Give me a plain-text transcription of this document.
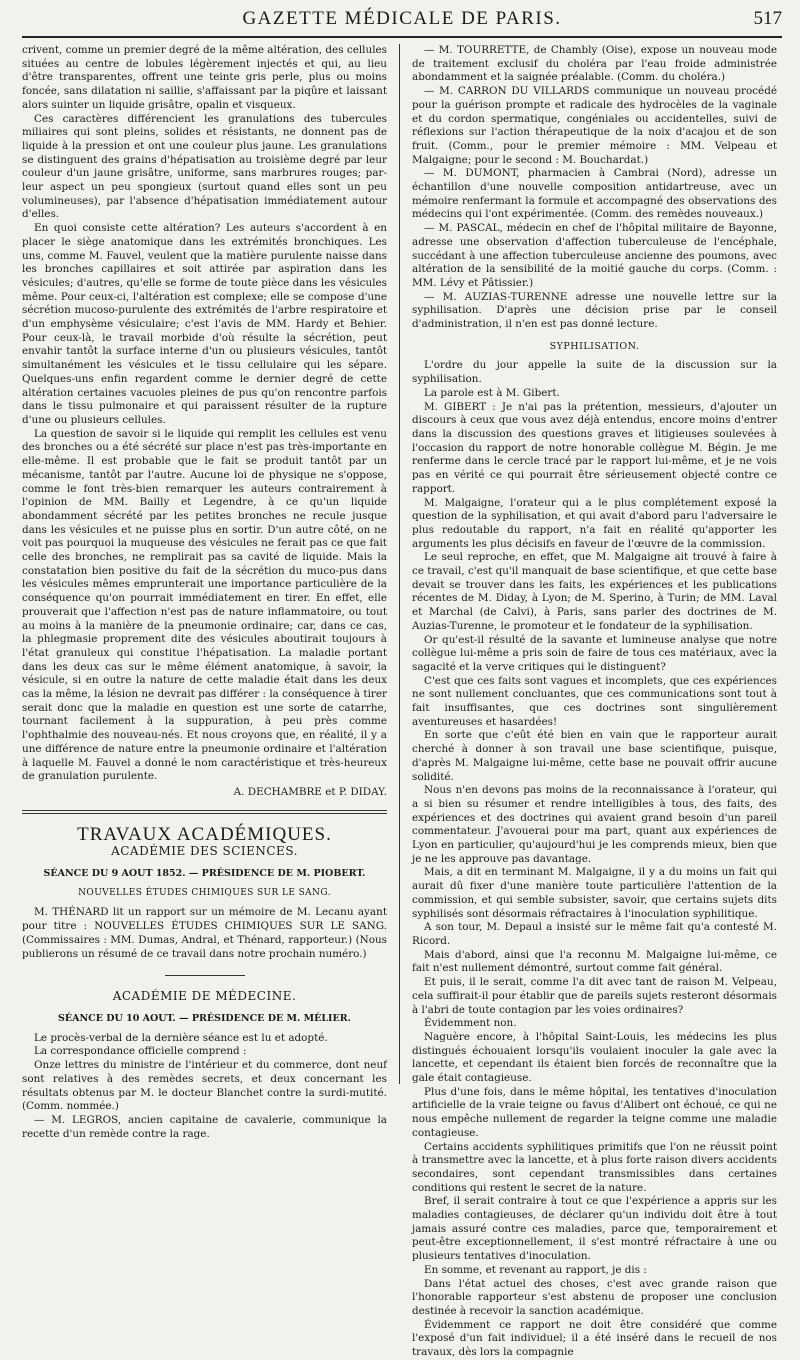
GAZETTE MÉDICALE DE PARIS.	517

crivent, comme un premier degré de la même altération, des cellules situées au centre de lobules légèrement injectés et qui, au lieu d'être transparentes, offrent une teinte gris perle, plus ou moins foncée, sans dilatation ni saillie, s'affaissant par la piqûre et laissant alors suinter un liquide grisâtre, opalin et visqueux.

Ces caractères différencient les granulations des tubercules miliaires qui sont pleins, solides et résistants, ne donnent pas de liquide à la pression et ont une couleur plus jaune. Les granulations se distinguent des grains d'hépatisation au troisième degré par leur couleur d'un jaune grisâtre, uniforme, sans marbrures rouges; par-leur aspect un peu spongieux (surtout quand elles sont un peu volumineuses), par l'absence d'hépatisation immédiatement autour d'elles.

En quoi consiste cette altération? Les auteurs s'accordent à en placer le siège anatomique dans les extrémités bronchiques. Les uns, comme M. Fauvel, veulent que la matière purulente naisse dans les bronches capillaires et soit attirée par aspiration dans les vésicules; d'autres, qu'elle se forme de toute pièce dans les vésicules même. Pour ceux-ci, l'altération est complexe; elle se compose d'une sécrétion mucoso-purulente des extrémités de l'arbre respiratoire et d'un emphysème vésiculaire; c'est l'avis de MM. Hardy et Behier. Pour ceux-là, le travail morbide d'où résulte la sécrétion, peut envahir tantôt la surface interne d'un ou plusieurs vésicules, tantôt simultanément les vésicules et le tissu cellulaire qui les sépare. Quelques-uns enfin regardent comme le dernier degré de cette altération certaines vacuoles pleines de pus qu'on rencontre parfois dans le tissu pulmonaire et qui paraissent résulter de la rupture d'une ou plusieurs cellules.

La question de savoir si le liquide qui remplit les cellules est venu des bronches ou a été sécrété sur place n'est pas très-importante en elle-même. Il est probable que le fait se produit tantôt par un mécanisme, tantôt par l'autre. Aucune loi de physique ne s'oppose, comme le font très-bien remarquer les auteurs contrairement à l'opinion de MM. Bailly et Legendre, à ce qu'un liquide abondamment sécrété par les petites bronches ne recule jusque dans les vésicules et ne puisse plus en sortir. D'un autre côté, on ne voit pas pourquoi la muqueuse des vésicules ne ferait pas ce que fait celle des bronches, ne remplirait pas sa cavité de liquide. Mais la constatation bien positive du fait de la sécrétion du muco-pus dans les vésicules mêmes emprunterait une importance particulière de la conséquence qu'on pourrait immédiatement en tirer. En effet, elle prouverait que l'affection n'est pas de nature inflammatoire, ou tout au moins à la manière de la pneumonie ordinaire; car, dans ce cas, la phlegmasie proprement dite des vésicules aboutirait toujours à l'état granuleux qui constitue l'hépatisation. La maladie portant dans les deux cas sur le même élément anatomique, à savoir, la vésicule, si en outre la nature de cette maladie était dans les deux cas la même, la lésion ne devrait pas différer : la conséquence à tirer serait donc que la maladie en question est une sorte de catarrhe, tournant facilement à la suppuration, à peu près comme l'ophthalmie des nouveau-nés. Et nous croyons que, en réalité, il y a une différence de nature entre la pneumonie ordinaire et l'altération à laquelle M. Fauvel a donné le nom caractéristique et très-heureux de granulation purulente.

A. DECHAMBRE et P. DIDAY.

TRAVAUX ACADÉMIQUES.

ACADÉMIE DES SCIENCES.

SÉANCE DU 9 AOUT 1852. — PRÉSIDENCE DE M. PIOBERT.

NOUVELLES ÉTUDES CHIMIQUES SUR LE SANG.

M. THÉNARD lit un rapport sur un mémoire de M. Lecanu ayant pour titre : NOUVELLES ÉTUDES CHIMIQUES SUR LE SANG. (Commissaires : MM. Dumas, Andral, et Thénard, rapporteur.) (Nous publierons un résumé de ce travail dans notre prochain numéro.)

ACADÉMIE DE MÉDECINE.

SÉANCE DU 10 AOUT. — PRÉSIDENCE DE M. MÉLIER.

Le procès-verbal de la dernière séance est lu et adopté.

La correspondance officielle comprend :

Onze lettres du ministre de l'intérieur et du commerce, dont neuf sont relatives à des remèdes secrets, et deux concernant les résultats obtenus par M. le docteur Blanchet contre la surdi-mutité. (Comm. nommée.)

— M. LEGROS, ancien capitaine de cavalerie, communique la recette d'un remède contre la rage.

— M. TOURRETTE, de Chambly (Oise), expose un nouveau mode de traitement exclusif du choléra par l'eau froide administrée abondamment et la saignée préalable. (Comm. du choléra.)

— M. CARRON DU VILLARDS communique un nouveau procédé pour la guérison prompte et radicale des hydrocèles de la vaginale et du cordon spermatique, congéniales ou accidentelles, suivi de réflexions sur l'action thérapeutique de la noix d'acajou et de son fruit. (Comm., pour le premier mémoire : MM. Velpeau et Malgaigne; pour le second : M. Bouchardat.)

— M. DUMONT, pharmacien à Cambrai (Nord), adresse un échantillon d'une nouvelle composition antidartreuse, avec un mémoire renfermant la formule et accompagné des observations des médecins qui l'ont expérimentée. (Comm. des remèdes nouveaux.)

— M. PASCAL, médecin en chef de l'hôpital militaire de Bayonne, adresse une observation d'affection tuberculeuse de l'encéphale, succédant à une affection tuberculeuse ancienne des poumons, avec altération de la sensibilité de la moitié gauche du corps. (Comm. : MM. Lévy et Pâtissier.)

— M. AUZIAS-TURENNE adresse une nouvelle lettre sur la syphilisation. D'après une décision prise par le conseil d'administration, il n'en est pas donné lecture.

SYPHILISATION.

L'ordre du jour appelle la suite de la discussion sur la syphilisation.

La parole est à M. Gibert.

M. GIBERT : Je n'ai pas la prétention, messieurs, d'ajouter un discours à ceux que vous avez déjà entendus, encore moins d'entrer dans la discussion des questions graves et litigieuses soulevées à l'occasion du rapport de notre honorable collègue M. Bégin. Je me renferme dans le cercle tracé par le rapport lui-même, et je ne vois pas en vérité ce qui pourrait être sérieusement objecté contre ce rapport.

M. Malgaigne, l'orateur qui a le plus complétement exposé la question de la syphilisation, et qui avait d'abord paru l'adversaire le plus redoutable du rapport, n'a fait en réalité qu'apporter les arguments les plus décisifs en faveur de l'œuvre de la commission.

Le seul reproche, en effet, que M. Malgaigne ait trouvé à faire à ce travail, c'est qu'il manquait de base scientifique, et que cette base devait se trouver dans les faits, les expériences et les publications récentes de M. Diday, à Lyon; de M. Sperino, à Turin; de MM. Laval et Marchal (de Calvi), à Paris, sans parler des doctrines de M. Auzias-Turenne, le promoteur et le fondateur de la syphilisation.

Or qu'est-il résulté de la savante et lumineuse analyse que notre collègue lui-même a pris soin de faire de tous ces matériaux, avec la sagacité et la verve critiques qui le distinguent?

C'est que ces faits sont vagues et incomplets, que ces expériences ne sont nullement concluantes, que ces communications sont tout à fait insuffisantes, que ces doctrines sont singulièrement aventureuses et hasardées!

En sorte que c'eût été bien en vain que le rapporteur aurait cherché à donner à son travail une base scientifique, puisque, d'après M. Malgaigne lui-même, cette base ne pouvait offrir aucune solidité.

Nous n'en devons pas moins de la reconnaissance à l'orateur, qui a si bien su résumer et rendre intelligibles à tous, des faits, des expériences et des doctrines qui avaient grand besoin d'un pareil commentateur. J'avouerai pour ma part, quant aux expériences de Lyon en particulier, qu'aujourd'hui je les comprends mieux, bien que je ne les approuve pas davantage.

Mais, a dit en terminant M. Malgaigne, il y a du moins un fait qui aurait dû fixer d'une manière toute particulière l'attention de la commission, et qui semble subsister, savoir, que certains sujets dits syphilisés sont désormais réfractaires à l'inoculation syphilitique.

A son tour, M. Depaul a insisté sur le même fait qu'a contesté M. Ricord.

Mais d'abord, ainsi que l'a reconnu M. Malgaigne lui-même, ce fait n'est nullement démontré, surtout comme fait général.

Et puis, il le serait, comme l'a dit avec tant de raison M. Velpeau, cela suffirait-il pour établir que de pareils sujets resteront désormais à l'abri de toute contagion par les voies ordinaires?

Évidemment non.

Naguère encore, à l'hôpital Saint-Louis, les médecins les plus distingués échouaient lorsqu'ils voulaient inoculer la gale avec la lancette, et cependant ils étaient bien forcés de reconnaître que la gale était contagieuse.

Plus d'une fois, dans le même hôpital, les tentatives d'inoculation artificielle de la vraie teigne ou favus d'Alibert ont échoué, ce qui ne nous empêche nullement de regarder la teigne comme une maladie contagieuse.

Certains accidents syphilitiques primitifs que l'on ne réussit point à transmettre avec la lancette, et à plus forte raison divers accidents secondaires, sont cependant transmissibles dans certaines conditions qui restent le secret de la nature.

Bref, il serait contraire à tout ce que l'expérience a appris sur les maladies contagieuses, de déclarer qu'un individu doit être à tout jamais assuré contre ces maladies, parce que, temporairement et peut-être exceptionnellement, il s'est montré réfractaire à une ou plusieurs tentatives d'inoculation.

En somme, et revenant au rapport, je dis :

Dans l'état actuel des choses, c'est avec grande raison que l'honorable rapporteur s'est abstenu de proposer une conclusion destinée à recevoir la sanction académique.

Évidemment ce rapport ne doit être considéré que comme l'exposé d'un fait individuel; il a été inséré dans le recueil de nos travaux, dès lors la compagnie
